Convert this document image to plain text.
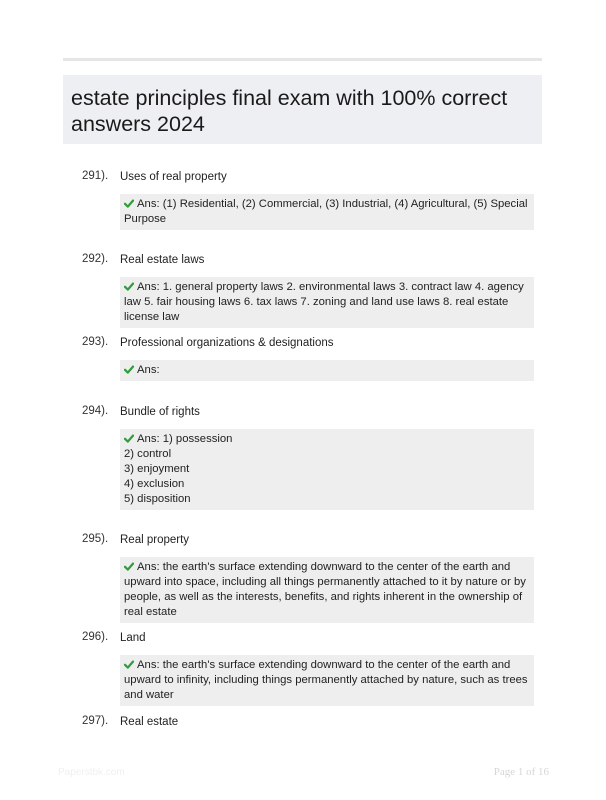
estate principles final exam with 100% correct answers 2024
291). Uses of real property
Ans: (1) Residential, (2) Commercial, (3) Industrial, (4) Agricultural, (5) Special Purpose
292). Real estate laws
Ans: 1. general property laws 2. environmental laws 3. contract law 4. agency law 5. fair housing laws 6. tax laws 7. zoning and land use laws 8. real estate license law
293). Professional organizations & designations
Ans:
294). Bundle of rights
Ans: 1) possession
2) control
3) enjoyment
4) exclusion
5) disposition
295). Real property
Ans: the earth's surface extending downward to the center of the earth and upward into space, including all things permanently attached to it by nature or by people, as well as the interests, benefits, and rights inherent in the ownership of real estate
296). Land
Ans: the earth's surface extending downward to the center of the earth and upward to infinity, including things permanently attached by nature, such as trees and water
297). Real estate
Paperstbk.com	Page 1 of 16
